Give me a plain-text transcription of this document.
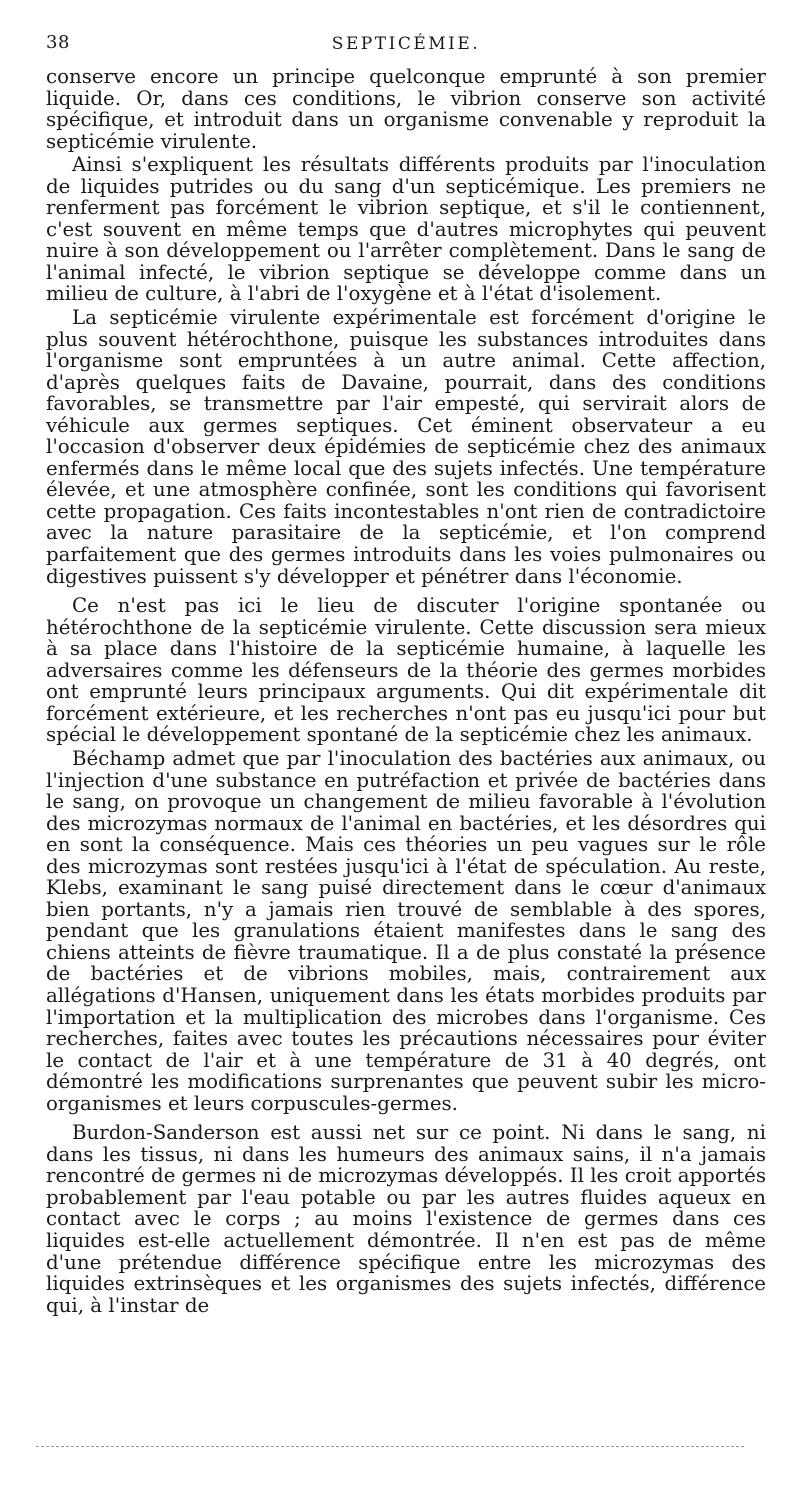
38	SEPTICÉMIE.

conserve encore un principe quelconque emprunté à son premier liquide. Or, dans ces conditions, le vibrion conserve son activité spécifique, et introduit dans un organisme convenable y reproduit la septicémie virulente.

Ainsi s'expliquent les résultats différents produits par l'inoculation de liquides putrides ou du sang d'un septicémique. Les premiers ne renferment pas forcément le vibrion septique, et s'il le contiennent, c'est souvent en même temps que d'autres microphytes qui peuvent nuire à son développement ou l'arrêter complètement. Dans le sang de l'animal infecté, le vibrion septique se développe comme dans un milieu de culture, à l'abri de l'oxygène et à l'état d'isolement.

La septicémie virulente expérimentale est forcément d'origine le plus souvent hétérochthone, puisque les substances introduites dans l'organisme sont empruntées à un autre animal. Cette affection, d'après quelques faits de Davaine, pourrait, dans des conditions favorables, se transmettre par l'air empesté, qui servirait alors de véhicule aux germes septiques. Cet éminent observateur a eu l'occasion d'observer deux épidémies de septicémie chez des animaux enfermés dans le même local que des sujets infectés. Une température élevée, et une atmosphère confinée, sont les conditions qui favorisent cette propagation. Ces faits incontestables n'ont rien de contradictoire avec la nature parasitaire de la septicémie, et l'on comprend parfaitement que des germes introduits dans les voies pulmonaires ou digestives puissent s'y développer et pénétrer dans l'économie.

Ce n'est pas ici le lieu de discuter l'origine spontanée ou hétérochthone de la septicémie virulente. Cette discussion sera mieux à sa place dans l'histoire de la septicémie humaine, à laquelle les adversaires comme les défenseurs de la théorie des germes morbides ont emprunté leurs principaux arguments. Qui dit expérimentale dit forcément extérieure, et les recherches n'ont pas eu jusqu'ici pour but spécial le développement spontané de la septicémie chez les animaux.

Béchamp admet que par l'inoculation des bactéries aux animaux, ou l'injection d'une substance en putréfaction et privée de bactéries dans le sang, on provoque un changement de milieu favorable à l'évolution des microzymas normaux de l'animal en bactéries, et les désordres qui en sont la conséquence. Mais ces théories un peu vagues sur le rôle des microzymas sont restées jusqu'ici à l'état de spéculation. Au reste, Klebs, examinant le sang puisé directement dans le cœur d'animaux bien portants, n'y a jamais rien trouvé de semblable à des spores, pendant que les granulations étaient manifestes dans le sang des chiens atteints de fièvre traumatique. Il a de plus constaté la présence de bactéries et de vibrions mobiles, mais, contrairement aux allégations d'Hansen, uniquement dans les états morbides produits par l'importation et la multiplication des microbes dans l'organisme. Ces recherches, faites avec toutes les précautions nécessaires pour éviter le contact de l'air et à une température de 31 à 40 degrés, ont démontré les modifications surprenantes que peuvent subir les micro-organismes et leurs corpuscules-germes.

Burdon-Sanderson est aussi net sur ce point. Ni dans le sang, ni dans les tissus, ni dans les humeurs des animaux sains, il n'a jamais rencontré de germes ni de microzymas développés. Il les croit apportés probablement par l'eau potable ou par les autres fluides aqueux en contact avec le corps ; au moins l'existence de germes dans ces liquides est-elle actuellement démontrée. Il n'en est pas de même d'une prétendue différence spécifique entre les microzymas des liquides extrinsèques et les organismes des sujets infectés, différence qui, à l'instar de
